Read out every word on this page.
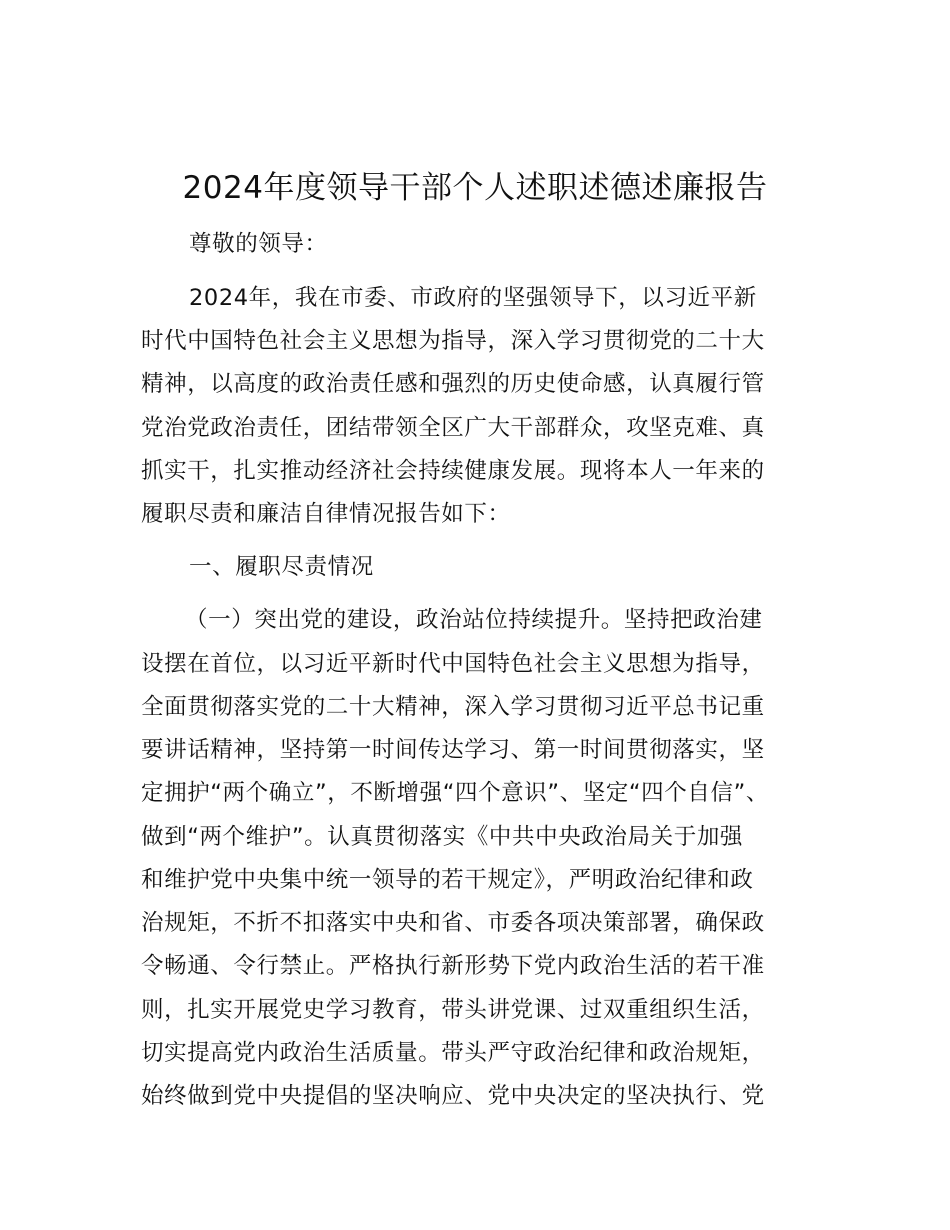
2024年度领导干部个人述职述德述廉报告
尊敬的领导：
2024年，我在市委、市政府的坚强领导下，以习近平新
时代中国特色社会主义思想为指导，深入学习贯彻党的二十大
精神，以高度的政治责任感和强烈的历史使命感，认真履行管
党治党政治责任，团结带领全区广大干部群众，攻坚克难、真
抓实干，扎实推动经济社会持续健康发展。现将本人一年来的
履职尽责和廉洁自律情况报告如下：
一、履职尽责情况
（一）突出党的建设，政治站位持续提升。坚持把政治建
设摆在首位，以习近平新时代中国特色社会主义思想为指导，
全面贯彻落实党的二十大精神，深入学习贯彻习近平总书记重
要讲话精神，坚持第一时间传达学习、第一时间贯彻落实，坚
定拥护“两个确立”，不断增强“四个意识”、坚定“四个自信”、
做到“两个维护”。认真贯彻落实《中共中央政治局关于加强
和维护党中央集中统一领导的若干规定》，严明政治纪律和政
治规矩，不折不扣落实中央和省、市委各项决策部署，确保政
令畅通、令行禁止。严格执行新形势下党内政治生活的若干准
则，扎实开展党史学习教育，带头讲党课、过双重组织生活，
切实提高党内政治生活质量。带头严守政治纪律和政治规矩，
始终做到党中央提倡的坚决响应、党中央决定的坚决执行、党
